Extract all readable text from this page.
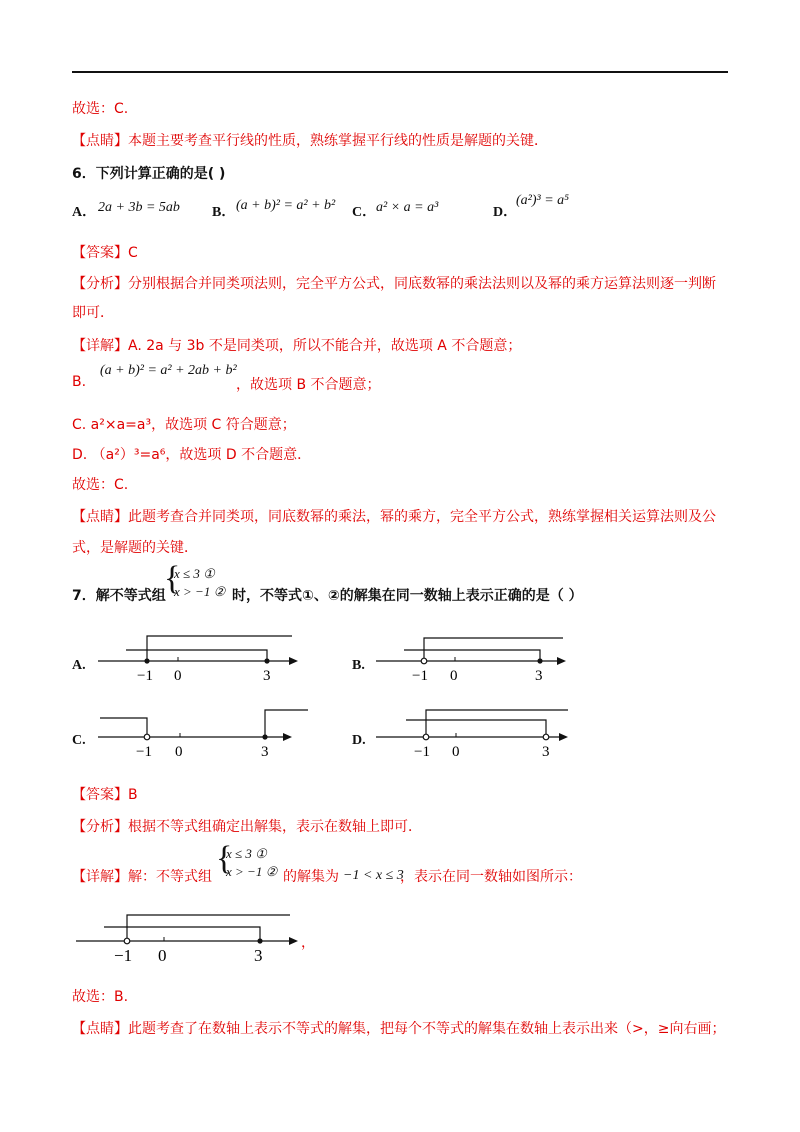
故选：C.
【点睛】本题主要考查平行线的性质，熟练掌握平行线的性质是解题的关键．
6．下列计算正确的是( )
A． 2a + 3b = 5ab B． (a + b)² = a² + b² C． a² × a = a³	D．
(a²)³ = a⁵
【答案】C
【分析】分别根据合并同类项法则，完全平方公式，同底数幂的乘法法则以及幂的乘方运算法则逐一判断
即可．
【详解】A. 2a 与 3b 不是同类项，所以不能合并，故选项 A 不合题意；
B.
(a + b)² = a² + 2ab + b²
，故选项 B 不合题意；
C. a²×a=a³，故选项 C 符合题意；
D. （a²）³=a⁶，故选项 D 不合题意．
故选：C.
【点睛】此题考查合并同类项，同底数幂的乘法，幂的乘方，完全平方公式，熟练掌握相关运算法则及公
式，是解题的关键．
7．解不等式组
{
x ≤ 3 ①
x > −1 ② 时，不等式①、②的解集在同一数轴上表示正确的是（ ）
A.
−1 0	3
B.
−1 0	3
C.
−1 0	3
D.
−1 0	3
【答案】B
【分析】根据不等式组确定出解集，表示在数轴上即可．
【详解】解：不等式组 {
x ≤ 3 ①
x > −1 ② 的解集为 −1 < x ≤ 3
，表示在同一数轴如图所示：
−1 0	3
，
故选：B.
【点睛】此题考查了在数轴上表示不等式的解集，把每个不等式的解集在数轴上表示出来（>，≥向右画；
